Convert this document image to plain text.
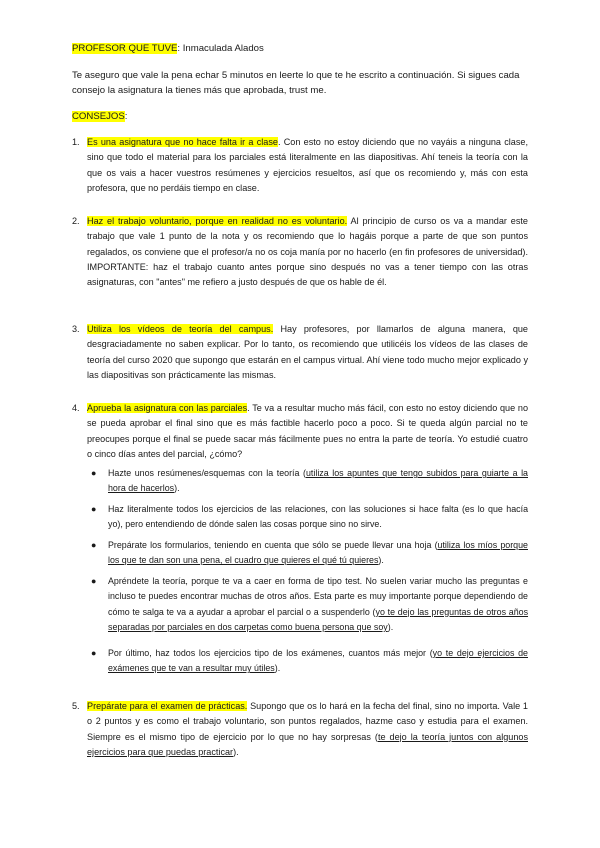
PROFESOR QUE TUVE: Inmaculada Alados
Te aseguro que vale la pena echar 5 minutos en leerte lo que te he escrito a continuación. Si sigues cada consejo la asignatura la tienes más que aprobada, trust me.
CONSEJOS:
1. Es una asignatura que no hace falta ir a clase. Con esto no estoy diciendo que no vayáis a ninguna clase, sino que todo el material para los parciales está literalmente en las diapositivas. Ahí teneis la teoría con la que os vais a hacer vuestros resúmenes y ejercicios resueltos, así que os recomiendo y, más con esta profesora, que no perdáis tiempo en clase.
2. Haz el trabajo voluntario, porque en realidad no es voluntario. Al principio de curso os va a mandar este trabajo que vale 1 punto de la nota y os recomiendo que lo hagáis porque a parte de que son puntos regalados, os conviene que el profesor/a no os coja manía por no hacerlo (en fin profesores de universidad). IMPORTANTE: haz el trabajo cuanto antes porque sino después no vas a tener tiempo con las otras asignaturas, con "antes" me refiero a justo después de que os hable de él.
3. Utiliza los vídeos de teoría del campus. Hay profesores, por llamarlos de alguna manera, que desgraciadamente no saben explicar. Por lo tanto, os recomiendo que utilicéis los vídeos de las clases de teoría del curso 2020 que supongo que estarán en el campus virtual. Ahí viene todo mucho mejor explicado y las diapositivas son prácticamente las mismas.
4. Aprueba la asignatura con las parciales. Te va a resultar mucho más fácil, con esto no estoy diciendo que no se pueda aprobar el final sino que es más factible hacerlo poco a poco. Si te queda algún parcial no te preocupes porque el final se puede sacar más fácilmente pues no entra la parte de teoría. Yo estudié cuatro o cinco días antes del parcial, ¿cómo?
● Hazte unos resúmenes/esquemas con la teoría (utiliza los apuntes que tengo subidos para guiarte a la hora de hacerlos).
● Haz literalmente todos los ejercicios de las relaciones, con las soluciones si hace falta (es lo que hacía yo), pero entendiendo de dónde salen las cosas porque sino no sirve.
● Prepárate los formularios, teniendo en cuenta que sólo se puede llevar una hoja (utiliza los míos porque los que te dan son una pena, el cuadro que quieres el qué tú quieres).
● Apréndete la teoría, porque te va a caer en forma de tipo test. No suelen variar mucho las preguntas e incluso te puedes encontrar muchas de otros años. Esta parte es muy importante porque dependiendo de cómo te salga te va a ayudar a aprobar el parcial o a suspenderlo (yo te dejo las preguntas de otros años separadas por parciales en dos carpetas como buena persona que soy).
● Por último, haz todos los ejercicios tipo de los exámenes, cuantos más mejor (yo te dejo ejercicios de exámenes que te van a resultar muy útiles).
5. Prepárate para el examen de prácticas. Supongo que os lo hará en la fecha del final, sino no importa. Vale 1 o 2 puntos y es como el trabajo voluntario, son puntos regalados, hazme caso y estudia para el examen. Siempre es el mismo tipo de ejercicio por lo que no hay sorpresas (te dejo la teoría juntos con algunos ejercicios para que puedas practicar).
